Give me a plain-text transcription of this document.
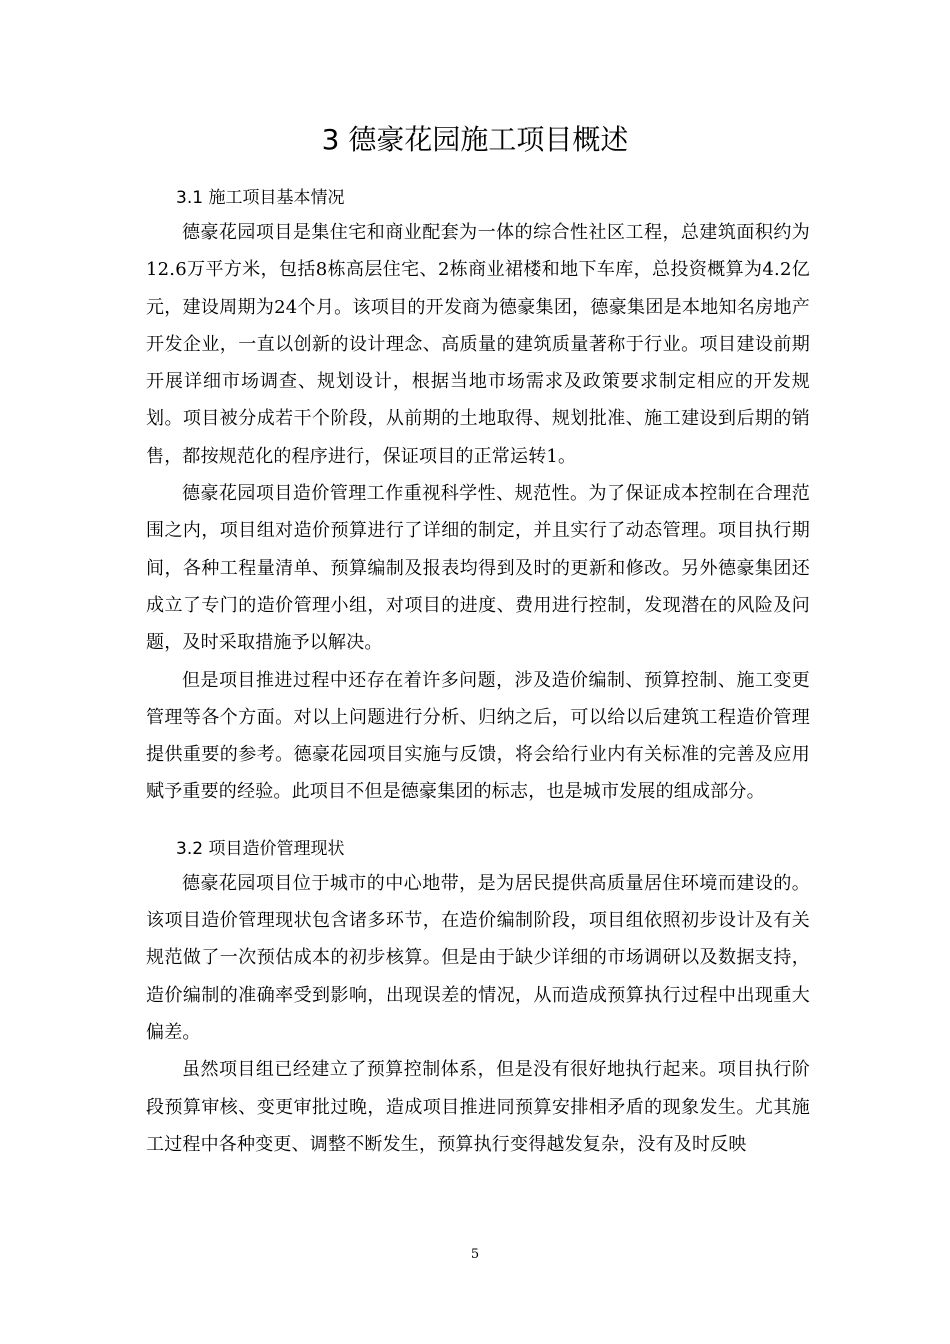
3 德豪花园施工项目概述
3.1 施工项目基本情况

德豪花园项目是集住宅和商业配套为一体的综合性社区工程，总建筑面积约为12.6万平方米，包括8栋高层住宅、2栋商业裙楼和地下车库，总投资概算为4.2亿元，建设周期为24个月。该项目的开发商为德豪集团，德豪集团是本地知名房地产开发企业，一直以创新的设计理念、高质量的建筑质量著称于行业。项目建设前期开展详细市场调查、规划设计，根据当地市场需求及政策要求制定相应的开发规划。项目被分成若干个阶段，从前期的土地取得、规划批准、施工建设到后期的销售，都按规范化的程序进行，保证项目的正常运转1。

德豪花园项目造价管理工作重视科学性、规范性。为了保证成本控制在合理范围之内，项目组对造价预算进行了详细的制定，并且实行了动态管理。项目执行期间，各种工程量清单、预算编制及报表均得到及时的更新和修改。另外德豪集团还成立了专门的造价管理小组，对项目的进度、费用进行控制，发现潜在的风险及问题，及时采取措施予以解决。

但是项目推进过程中还存在着许多问题，涉及造价编制、预算控制、施工变更管理等各个方面。对以上问题进行分析、归纳之后，可以给以后建筑工程造价管理提供重要的参考。德豪花园项目实施与反馈，将会给行业内有关标准的完善及应用赋予重要的经验。此项目不但是德豪集团的标志，也是城市发展的组成部分。

3.2 项目造价管理现状

德豪花园项目位于城市的中心地带，是为居民提供高质量居住环境而建设的。该项目造价管理现状包含诸多环节，在造价编制阶段，项目组依照初步设计及有关规范做了一次预估成本的初步核算。但是由于缺少详细的市场调研以及数据支持，造价编制的准确率受到影响，出现误差的情况，从而造成预算执行过程中出现重大偏差。

虽然项目组已经建立了预算控制体系，但是没有很好地执行起来。项目执行阶段预算审核、变更审批过晚，造成项目推进同预算安排相矛盾的现象发生。尤其施工过程中各种变更、调整不断发生，预算执行变得越发复杂，没有及时反映

5
